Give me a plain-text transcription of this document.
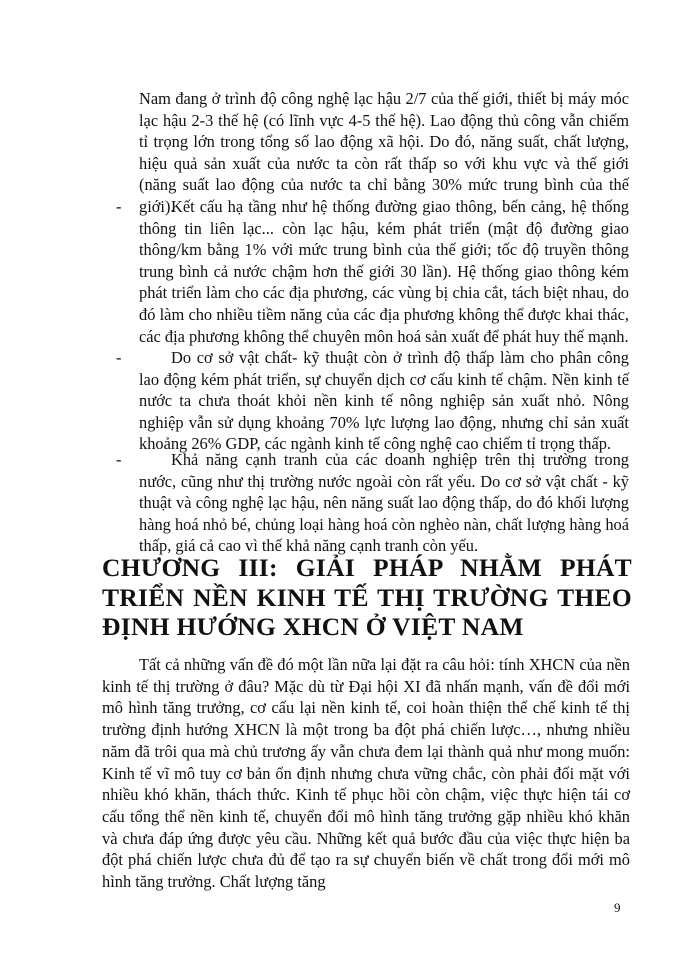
Nam đang ở trình độ công nghệ lạc hậu 2/7 của thế giới, thiết bị máy móc lạc hậu 2-3 thế hệ (có lĩnh vực 4-5 thế hệ). Lao động thủ công vẫn chiếm tỉ trọng lớn trong tổng số lao động xã hội. Do đó, năng suất, chất lượng, hiệu quả sản xuất của nước ta còn rất thấp so với khu vực và thế giới (năng suất lao động của nước ta chỉ bằng 30% mức trung bình của thế giới).
-	Kết cấu hạ tầng như hệ thống đường giao thông, bến cảng, hệ thống thông tin liên lạc... còn lạc hậu, kém phát triển (mật độ đường giao thông/km bằng 1% với mức trung bình của thế giới; tốc độ truyền thông trung bình cả nước chậm hơn thế giới 30 lần). Hệ thống giao thông kém phát triển làm cho các địa phương, các vùng bị chia cắt, tách biệt nhau, do đó làm cho nhiều tiềm năng của các địa phương không thể được khai thác, các địa phương không thể chuyên môn hoá sản xuất để phát huy thế mạnh.
-	Do cơ sở vật chất- kỹ thuật còn ở trình độ thấp làm cho phân công lao động kém phát triển, sự chuyển dịch cơ cấu kinh tế chậm. Nền kinh tế nước ta chưa thoát khỏi nền kinh tế nông nghiệp sản xuất nhỏ. Nông nghiệp vẫn sử dụng khoảng 70% lực lượng lao động, nhưng chỉ sản xuất khoảng 26% GDP, các ngành kinh tế công nghệ cao chiếm tỉ trọng thấp.
-	Khả năng cạnh tranh của các doanh nghiệp trên thị trường trong nước, cũng như thị trường nước ngoài còn rất yếu. Do cơ sở vật chất - kỹ thuật và công nghệ lạc hậu, nên năng suất lao động thấp, do đó khối lượng hàng hoá nhỏ bé, chủng loại hàng hoá còn nghèo nàn, chất lượng hàng hoá thấp, giá cả cao vì thế khả năng cạnh tranh còn yếu.
CHƯƠNG III: GIẢI PHÁP NHẰM PHÁT TRIỂN NỀN KINH TẾ THỊ TRƯỜNG THEO ĐỊNH HƯỚNG XHCN Ở VIỆT NAM
Tất cả những vấn đề đó một lần nữa lại đặt ra câu hỏi: tính XHCN của nền kinh tế thị trường ở đâu? Mặc dù từ Đại hội XI đã nhấn mạnh, vấn đề đổi mới mô hình tăng trưởng, cơ cấu lại nền kinh tế, coi hoàn thiện thể chế kinh tế thị trường định hướng XHCN là một trong ba đột phá chiến lược…, nhưng nhiều năm đã trôi qua mà chủ trương ấy vẫn chưa đem lại thành quả như mong muốn: Kinh tế vĩ mô tuy cơ bản ổn định nhưng chưa vững chắc, còn phải đối mặt với nhiều khó khăn, thách thức. Kinh tế phục hồi còn chậm, việc thực hiện tái cơ cấu tổng thể nền kinh tế, chuyển đổi mô hình tăng trưởng gặp nhiều khó khăn và chưa đáp ứng được yêu cầu. Những kết quả bước đầu của việc thực hiện ba đột phá chiến lược chưa đủ để tạo ra sự chuyển biến về chất trong đổi mới mô hình tăng trưởng. Chất lượng tăng
9
